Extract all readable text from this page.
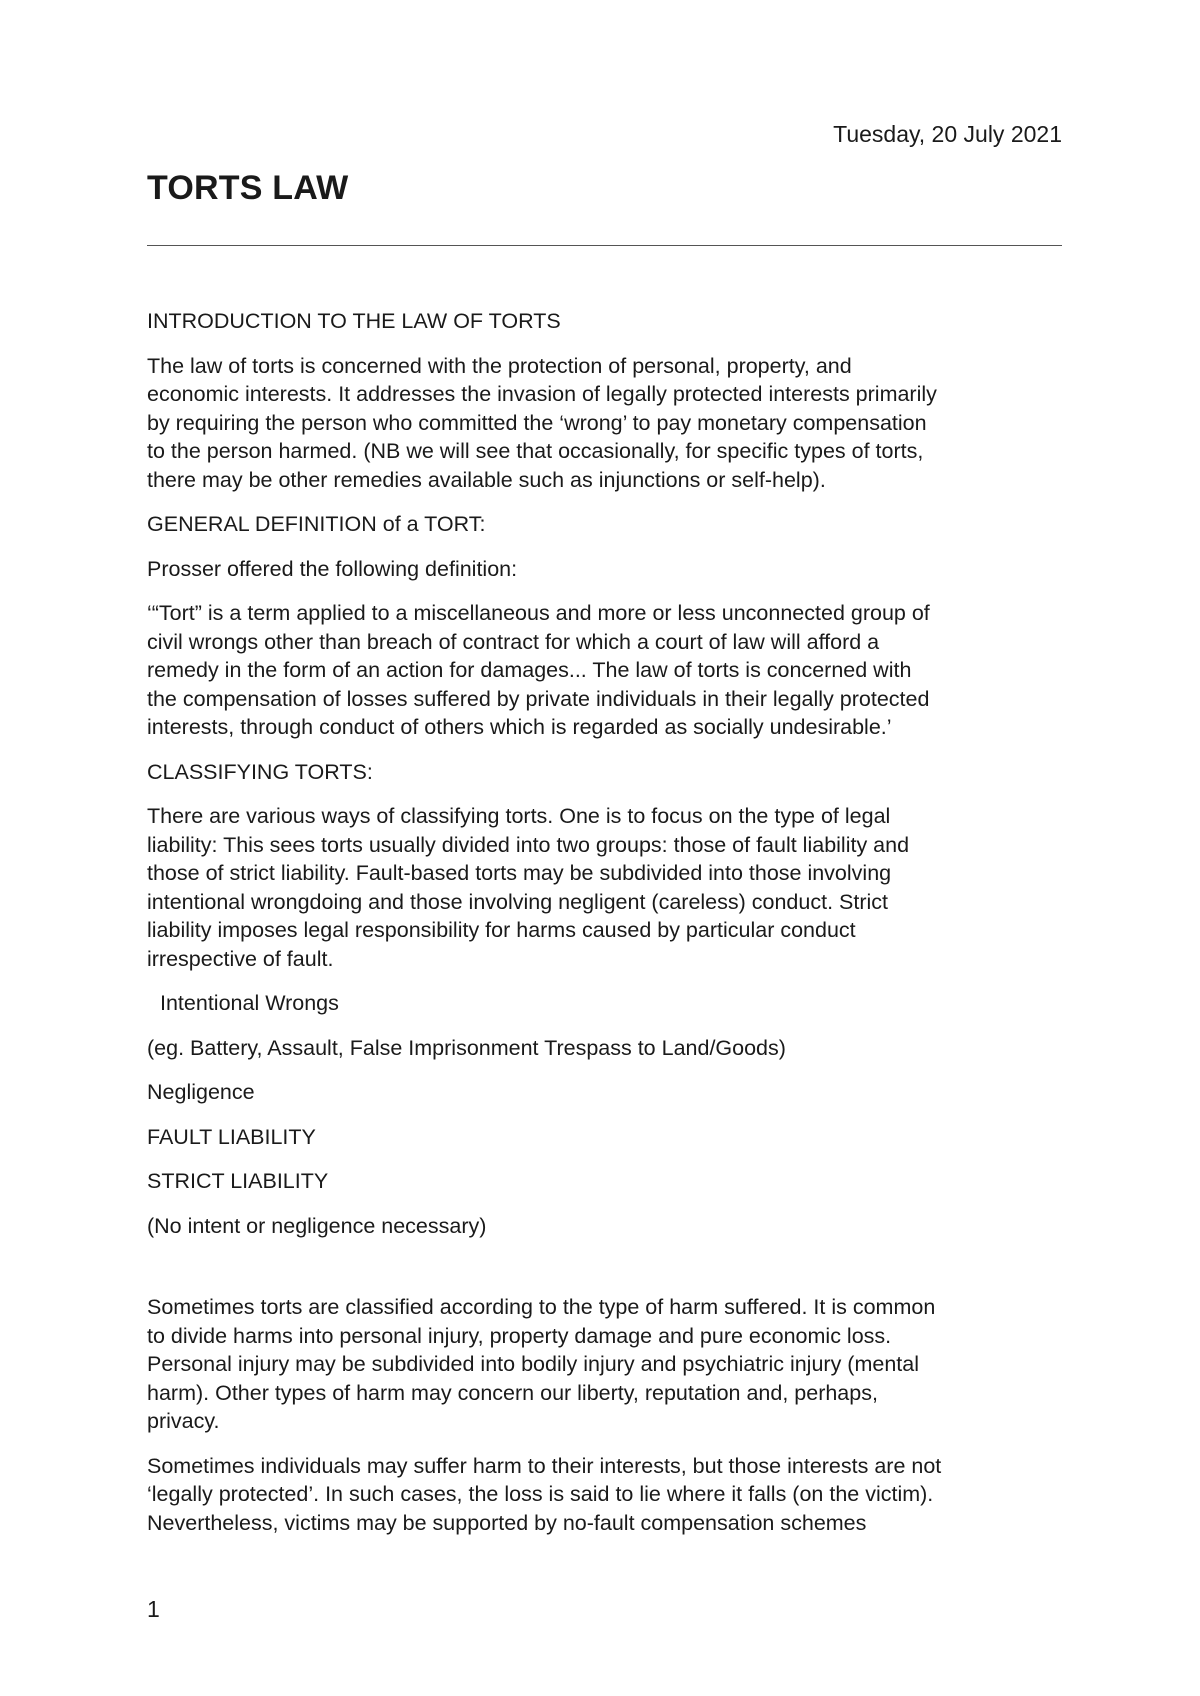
Tuesday, 20 July 2021
TORTS LAW

INTRODUCTION TO THE LAW OF TORTS

The law of torts is concerned with the protection of personal, property, and
economic interests. It addresses the invasion of legally protected interests primarily
by requiring the person who committed the ‘wrong’ to pay monetary compensation
to the person harmed. (NB we will see that occasionally, for specific types of torts,
there may be other remedies available such as injunctions or self-help).

GENERAL DEFINITION of a TORT:

Prosser offered the following definition:

‘“Tort” is a term applied to a miscellaneous and more or less unconnected group of
civil wrongs other than breach of contract for which a court of law will afford a
remedy in the form of an action for damages... The law of torts is concerned with
the compensation of losses suffered by private individuals in their legally protected
interests, through conduct of others which is regarded as socially undesirable.’

CLASSIFYING TORTS:

There are various ways of classifying torts. One is to focus on the type of legal
liability: This sees torts usually divided into two groups: those of fault liability and
those of strict liability. Fault-based torts may be subdivided into those involving
intentional wrongdoing and those involving negligent (careless) conduct. Strict
liability imposes legal responsibility for harms caused by particular conduct
irrespective of fault.

Intentional Wrongs

(eg. Battery, Assault, False Imprisonment Trespass to Land/Goods)

Negligence

FAULT LIABILITY

STRICT LIABILITY

(No intent or negligence necessary)

Sometimes torts are classified according to the type of harm suffered. It is common
to divide harms into personal injury, property damage and pure economic loss.
Personal injury may be subdivided into bodily injury and psychiatric injury (mental
harm). Other types of harm may concern our liberty, reputation and, perhaps,
privacy.

Sometimes individuals may suffer harm to their interests, but those interests are not
‘legally protected’. In such cases, the loss is said to lie where it falls (on the victim).
Nevertheless, victims may be supported by no-fault compensation schemes

1
